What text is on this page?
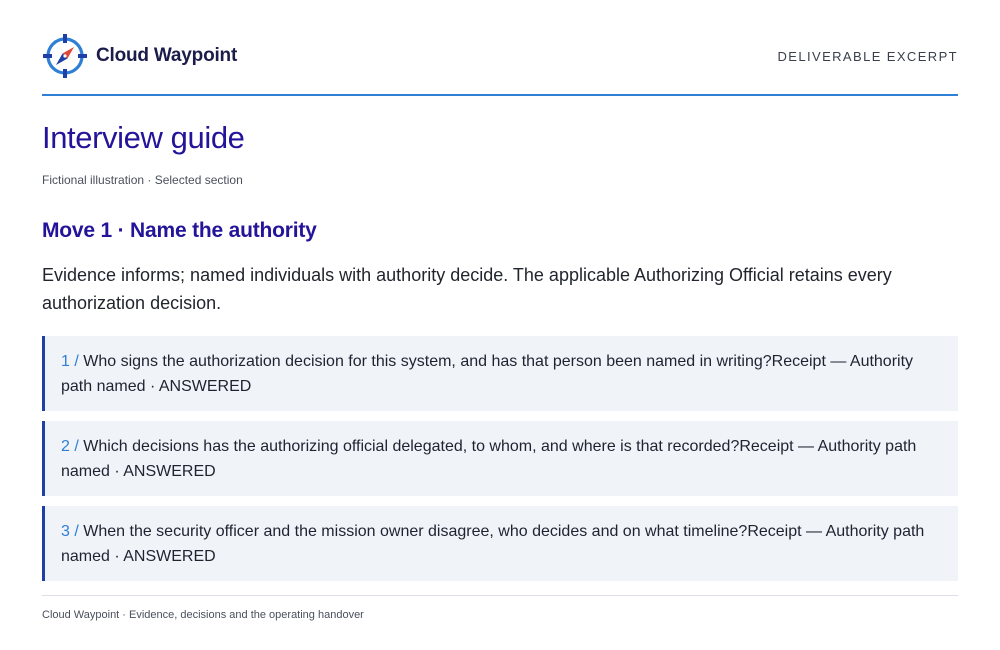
Cloud Waypoint	DELIVERABLE EXCERPT
Interview guide
Fictional illustration · Selected section
Move 1 · Name the authority

Evidence informs; named individuals with authority decide. The applicable Authorizing Official retains every authorization decision.

1 / Who signs the authorization decision for this system, and has that person been named in writing?Receipt — Authority path named · ANSWERED

2 / Which decisions has the authorizing official delegated, to whom, and where is that recorded?Receipt — Authority path named · ANSWERED

3 / When the security officer and the mission owner disagree, who decides and on what timeline?Receipt — Authority path named · ANSWERED

Cloud Waypoint · Evidence, decisions and the operating handover
